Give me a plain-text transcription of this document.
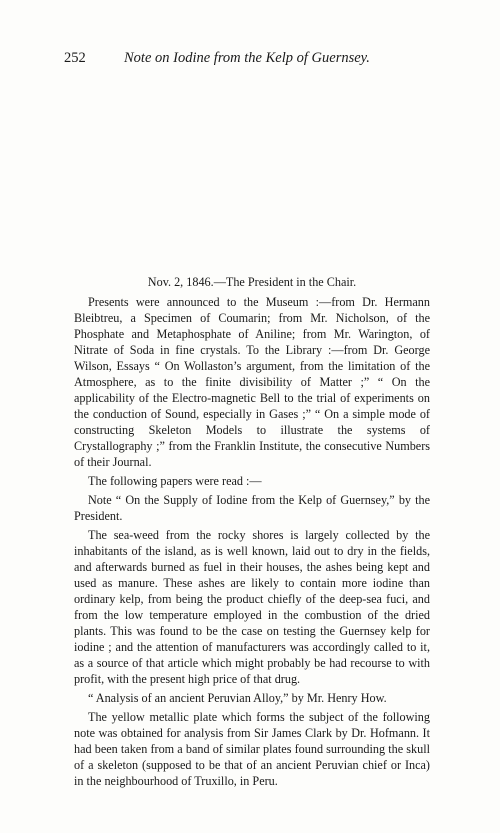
252	Note on Iodine from the Kelp of Guernsey.
Nov. 2, 1846.—The President in the Chair.

Presents were announced to the Museum :—from Dr. Hermann Bleibtreu, a Specimen of Coumarin; from Mr. Nicholson, of the Phosphate and Metaphosphate of Aniline; from Mr. Warington, of Nitrate of Soda in fine crystals. To the Library :—from Dr. George Wilson, Essays “ On Wollaston’s argument, from the limitation of the Atmosphere, as to the finite divisibility of Matter ;” “ On the applicability of the Electro-magnetic Bell to the trial of experiments on the conduction of Sound, especially in Gases ;” “ On a simple mode of constructing Skeleton Models to illustrate the systems of Crystallography ;” from the Franklin Institute, the consecutive Numbers of their Journal.

The following papers were read :—

Note “ On the Supply of Iodine from the Kelp of Guernsey,” by the President.

The sea-weed from the rocky shores is largely collected by the inhabitants of the island, as is well known, laid out to dry in the fields, and afterwards burned as fuel in their houses, the ashes being kept and used as manure. These ashes are likely to contain more iodine than ordinary kelp, from being the product chiefly of the deep-sea fuci, and from the low temperature employed in the combustion of the dried plants. This was found to be the case on testing the Guernsey kelp for iodine ; and the attention of manufacturers was accordingly called to it, as a source of that article which might probably be had recourse to with profit, with the present high price of that drug.

“ Analysis of an ancient Peruvian Alloy,” by Mr. Henry How.

The yellow metallic plate which forms the subject of the following note was obtained for analysis from Sir James Clark by Dr. Hofmann. It had been taken from a band of similar plates found surrounding the skull of a skeleton (supposed to be that of an ancient Peruvian chief or Inca) in the neighbourhood of Truxillo, in Peru.
